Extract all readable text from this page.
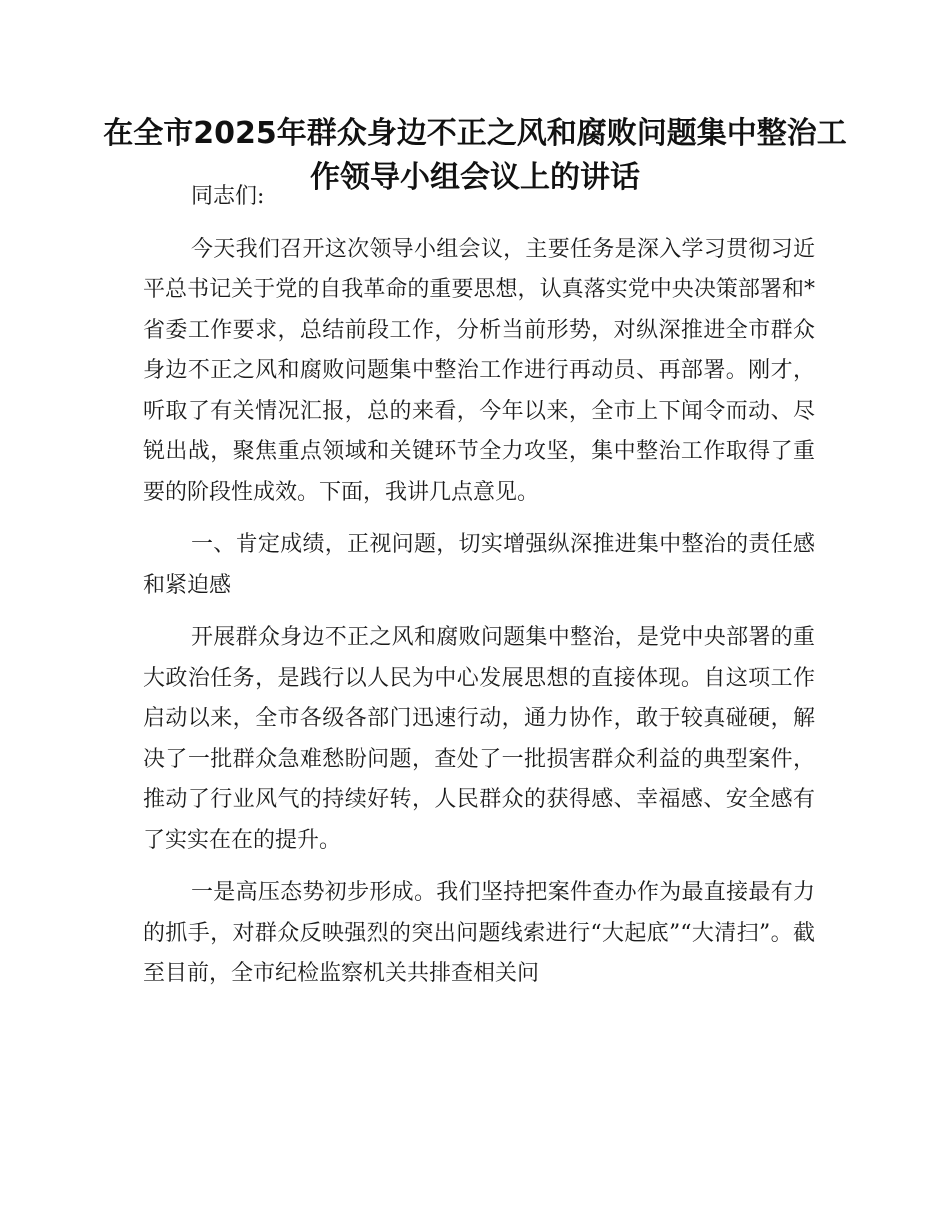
在全市2025年群众身边不正之风和腐败问题集中整治工作领导小组会议上的讲话

同志们:

今天我们召开这次领导小组会议，主要任务是深入学习贯彻习近平总书记关于党的自我革命的重要思想，认真落实党中央决策部署和*省委工作要求，总结前段工作，分析当前形势，对纵深推进全市群众身边不正之风和腐败问题集中整治工作进行再动员、再部署。刚才，听取了有关情况汇报，总的来看，今年以来，全市上下闻令而动、尽锐出战，聚焦重点领域和关键环节全力攻坚，集中整治工作取得了重要的阶段性成效。下面，我讲几点意见。

一、肯定成绩，正视问题，切实增强纵深推进集中整治的责任感和紧迫感

开展群众身边不正之风和腐败问题集中整治，是党中央部署的重大政治任务，是践行以人民为中心发展思想的直接体现。自这项工作启动以来，全市各级各部门迅速行动，通力协作，敢于较真碰硬，解决了一批群众急难愁盼问题，查处了一批损害群众利益的典型案件，推动了行业风气的持续好转，人民群众的获得感、幸福感、安全感有了实实在在的提升。

一是高压态势初步形成。我们坚持把案件查办作为最直接最有力的抓手，对群众反映强烈的突出问题线索进行“大起底”“大清扫”。截至目前，全市纪检监察机关共排查相关问
